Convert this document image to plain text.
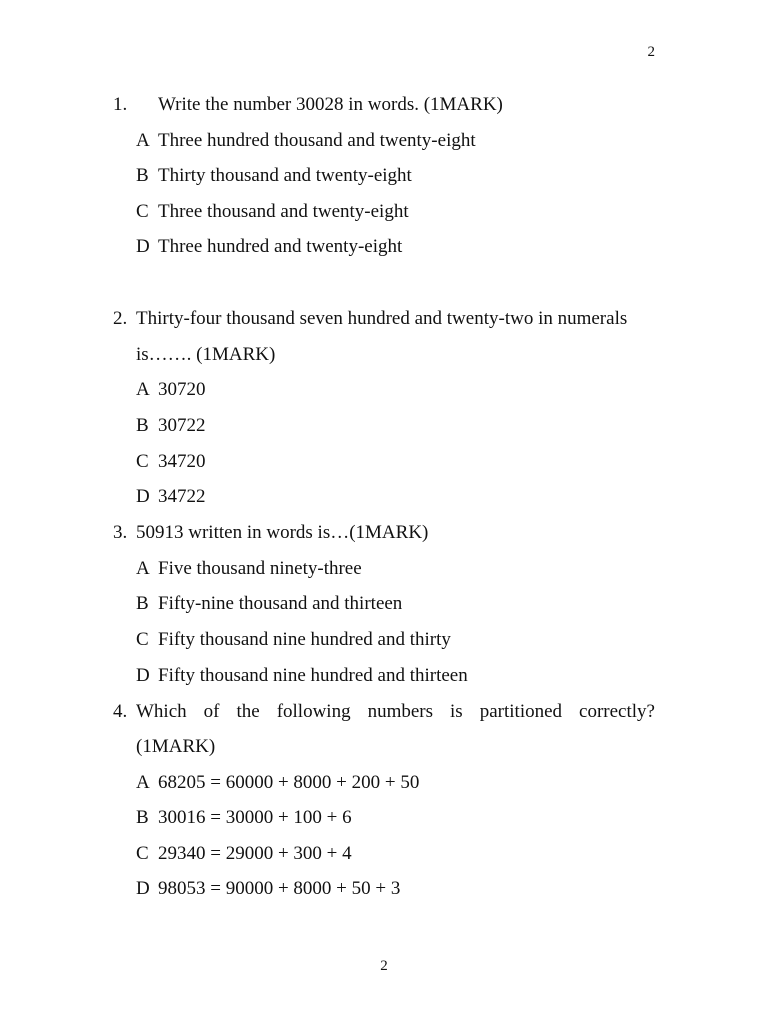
2
1. Write the number 30028 in words. (1MARK)
A Three hundred thousand and twenty-eight
B Thirty thousand and twenty-eight
C Three thousand and twenty-eight
D Three hundred and twenty-eight
2. Thirty-four thousand seven hundred and twenty-two in numerals
is……. (1MARK)
A 30720
B 30722
C 34720
D 34722
3. 50913 written in words is…(1MARK)
A Five thousand ninety-three
B Fifty-nine thousand and thirteen
C Fifty thousand nine hundred and thirty
D Fifty thousand nine hundred and thirteen
4. Which of the following numbers is partitioned correctly?
(1MARK)
A 68205 = 60000 + 8000 + 200 + 50
B 30016 = 30000 + 100 + 6
C 29340 = 29000 + 300 + 4
D 98053 = 90000 + 8000 + 50 + 3
2
